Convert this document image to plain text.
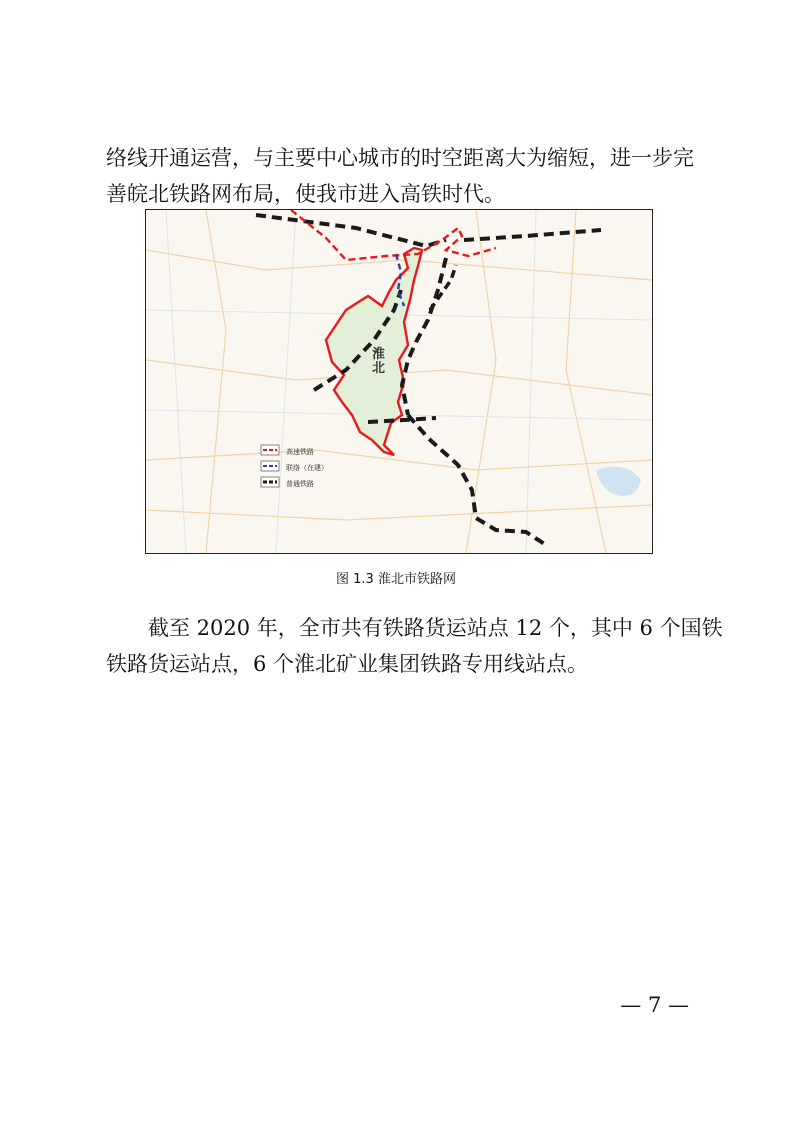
络线开通运营，与主要中心城市的时空距离大为缩短，进一步完
善皖北铁路网布局，使我市进入高铁时代。

淮
北
高速铁路
联络（在建）
普通铁路
图 1.3 淮北市铁路网

截至 2020 年，全市共有铁路货运站点 12 个，其中 6 个国铁
铁路货运站点，6 个淮北矿业集团铁路专用线站点。

— 7 —
